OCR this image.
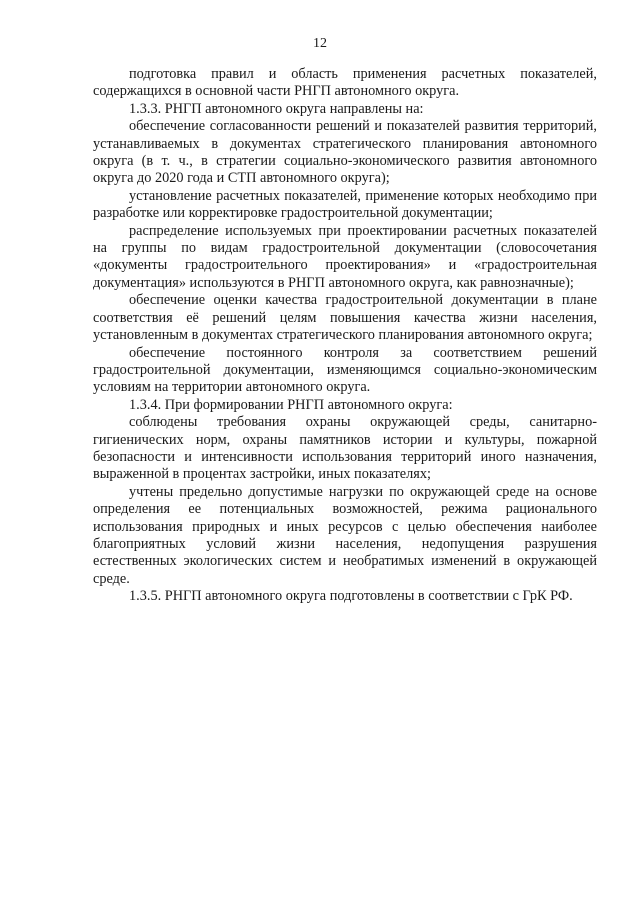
12

подготовка правил и область применения расчетных показателей, содержащихся в основной части РНГП автономного округа.

1.3.3. РНГП автономного округа направлены на:

обеспечение согласованности решений и показателей развития территорий, устанавливаемых в документах стратегического планирования автономного округа (в т. ч., в стратегии социально-экономического развития автономного округа до 2020 года и СТП автономного округа);

установление расчетных показателей, применение которых необходимо при разработке или корректировке градостроительной документации;

распределение используемых при проектировании расчетных показателей на группы по видам градостроительной документации (словосочетания «документы градостроительного проектирования» и «градостроительная документация» используются в РНГП автономного округа, как равнозначные);

обеспечение оценки качества градостроительной документации в плане соответствия её решений целям повышения качества жизни населения, установленным в документах стратегического планирования автономного округа;

обеспечение постоянного контроля за соответствием решений градостроительной документации, изменяющимся социально-экономическим условиям на территории автономного округа.

1.3.4. При формировании РНГП автономного округа:

соблюдены требования охраны окружающей среды, санитарно-гигиенических норм, охраны памятников истории и культуры, пожарной безопасности и интенсивности использования территорий иного назначения, выраженной в процентах застройки, иных показателях;

учтены предельно допустимые нагрузки по окружающей среде на основе определения ее потенциальных возможностей, режима рационального использования природных и иных ресурсов с целью обеспечения наиболее благоприятных условий жизни населения, недопущения разрушения естественных экологических систем и необратимых изменений в окружающей среде.

1.3.5. РНГП автономного округа подготовлены в соответствии с ГрК РФ.
